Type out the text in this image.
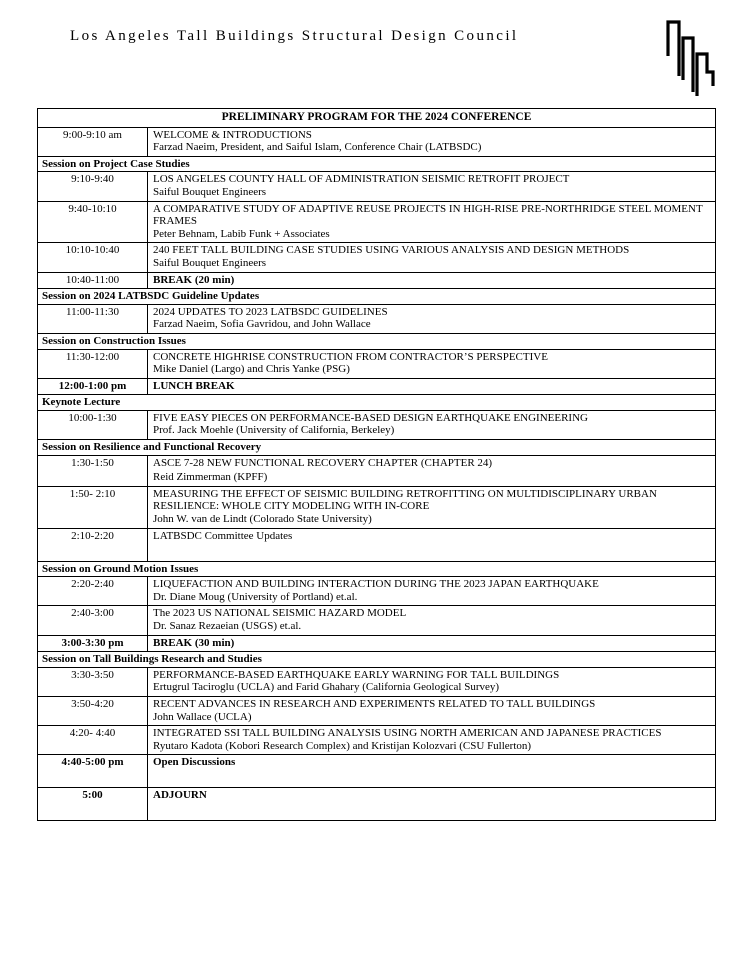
Los Angeles Tall Buildings Structural Design Council
PRELIMINARY PROGRAM FOR THE 2024 CONFERENCE	
9:00-9:10 am	WELCOME & INTRODUCTIONS
Farzad Naeim, President, and Saiful Islam, Conference Chair (LATBSDC)

Session on Project Case Studies	
9:10-9:40	LOS ANGELES COUNTY HALL OF ADMINISTRATION SEISMIC RETROFIT PROJECT
Saiful Bouquet Engineers

9:40-10:10	A COMPARATIVE STUDY OF ADAPTIVE REUSE PROJECTS IN HIGH-RISE PRE-NORTHRIDGE STEEL MOMENT FRAMES
Peter Behnam, Labib Funk + Associates

10:10-10:40	240 FEET TALL BUILDING CASE STUDIES USING VARIOUS ANALYSIS AND DESIGN METHODS
Saiful Bouquet Engineers

10:40-11:00	BREAK (20 min)

Session on 2024 LATBSDC Guideline Updates	
11:00-11:30	2024 UPDATES TO 2023 LATBSDC GUIDELINES
Farzad Naeim, Sofia Gavridou, and John Wallace

Session on Construction Issues	
11:30-12:00	CONCRETE HIGHRISE CONSTRUCTION FROM CONTRACTOR’S PERSPECTIVE
Mike Daniel (Largo) and Chris Yanke (PSG)

12:00-1:00 pm	LUNCH BREAK

Keynote Lecture	
10:00-1:30	FIVE EASY PIECES ON PERFORMANCE-BASED DESIGN EARTHQUAKE ENGINEERING
Prof. Jack Moehle (University of California, Berkeley)

Session on Resilience and Functional Recovery	
1:30-1:50	ASCE 7-28 NEW FUNCTIONAL RECOVERY CHAPTER (CHAPTER 24)
Reid Zimmerman (KPFF)

1:50- 2:10	MEASURING THE EFFECT OF SEISMIC BUILDING RETROFITTING ON MULTIDISCIPLINARY URBAN RESILIENCE: WHOLE CITY MODELING WITH IN-CORE
John W. van de Lindt (Colorado State University)

2:10-2:20	LATBSDC Committee Updates

Session on Ground Motion Issues	
2:20-2:40	LIQUEFACTION AND BUILDING INTERACTION DURING THE 2023 JAPAN EARTHQUAKE
Dr. Diane Moug (University of Portland) et.al.

2:40-3:00	The 2023 US NATIONAL SEISMIC HAZARD MODEL
Dr. Sanaz Rezaeian (USGS) et.al.

3:00-3:30 pm	BREAK (30 min)

Session on Tall Buildings Research and Studies	
3:30-3:50	PERFORMANCE-BASED EARTHQUAKE EARLY WARNING FOR TALL BUILDINGS
Ertugrul Taciroglu (UCLA) and Farid Ghahary (California Geological Survey)

3:50-4:20	RECENT ADVANCES IN RESEARCH AND EXPERIMENTS RELATED TO TALL BUILDINGS
John Wallace (UCLA)

4:20- 4:40	INTEGRATED SSI TALL BUILDING ANALYSIS USING NORTH AMERICAN AND JAPANESE PRACTICES
Ryutaro Kadota (Kobori Research Complex) and Kristijan Kolozvari (CSU Fullerton)

4:40-5:00 pm	Open Discussions

5:00	ADJOURN
